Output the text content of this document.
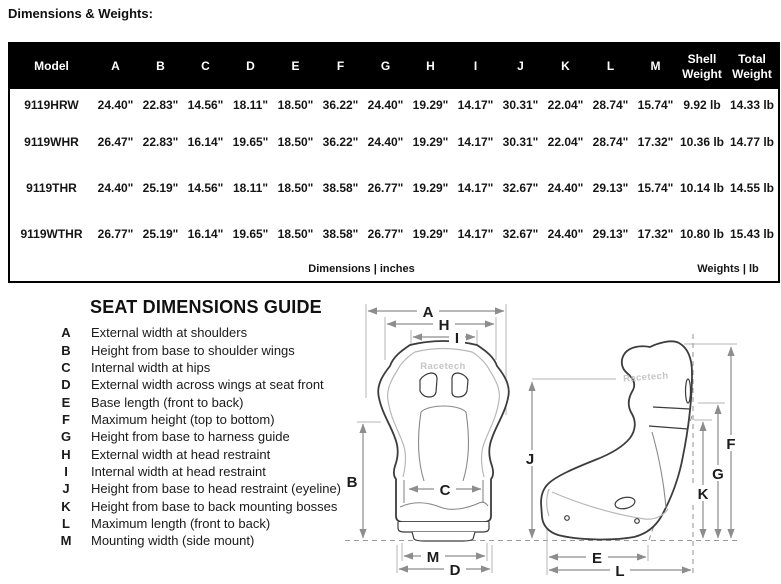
Dimensions & Weights:
Model	A	B	C	D	E	F	G	H	I	J	K	L	M	Shell Weight	Total Weight
9119HRW	24.40"	22.83"	14.56"	18.11"	18.50"	36.22"	24.40"	19.29"	14.17"	30.31"	22.04"	28.74"	15.74"	9.92 lb	14.33 lb
9119WHR	26.47"	22.83"	16.14"	19.65"	18.50"	36.22"	24.40"	19.29"	14.17"	30.31"	22.04"	28.74"	17.32"	10.36 lb	14.77 lb
9119THR	24.40"	25.19"	14.56"	18.11"	18.50"	38.58"	26.77"	19.29"	14.17"	32.67"	24.40"	29.13"	15.74"	10.14 lb	14.55 lb
9119WTHR	26.77"	25.19"	16.14"	19.65"	18.50"	38.58"	26.77"	19.29"	14.17"	32.67"	24.40"	29.13"	17.32"	10.80 lb	15.43 lb
	Dimensions | inches													Weights | lb	
SEAT DIMENSIONS GUIDE
A	External width at shoulders
B	Height from base to shoulder wings
C	Internal width at hips
D	External width across wings at seat front
E	Base length (front to back)
F	Maximum height (top to bottom)
G	Height from base to harness guide
H	External width at head restraint
I	Internal width at head restraint
J	Height from base to head restraint (eyeline)
K	Height from base to back mounting bosses
L	Maximum length (front to back)
M	Mounting width (side mount)
Racetech
Racetech
A
H
I
C
B
J
M
D
E
L
F
G
K
